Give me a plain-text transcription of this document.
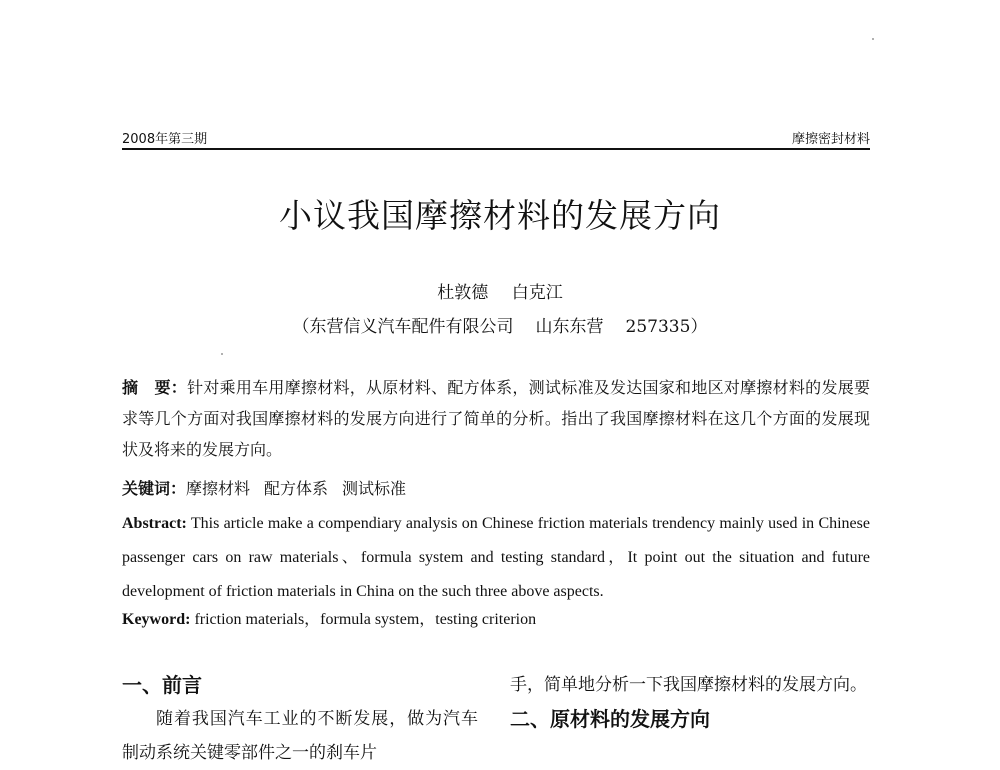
2008年第三期	摩擦密封材料
小议我国摩擦材料的发展方向
杜敦德 白克江
（东营信义汽车配件有限公司 山东东营 257335）
摘　要：针对乘用车用摩擦材料，从原材料、配方体系，测试标准及发达国家和地区对摩擦材料的发展要求等几个方面对我国摩擦材料的发展方向进行了简单的分析。指出了我国摩擦材料在这几个方面的发展现状及将来的发展方向。
关键词：摩擦材料 配方体系 测试标准
Abstract: This article make a compendiary analysis on Chinese friction materials trendency mainly used in Chinese passenger cars on raw materials、formula system and testing standard，It point out the situation and future development of friction materials in China on the such three above aspects.
Keyword: friction materials，formula system，testing criterion
一、前言
随着我国汽车工业的不断发展，做为汽车制动系统关键零部件之一的刹车片
手，简单地分析一下我国摩擦材料的发展方向。
二、原材料的发展方向
